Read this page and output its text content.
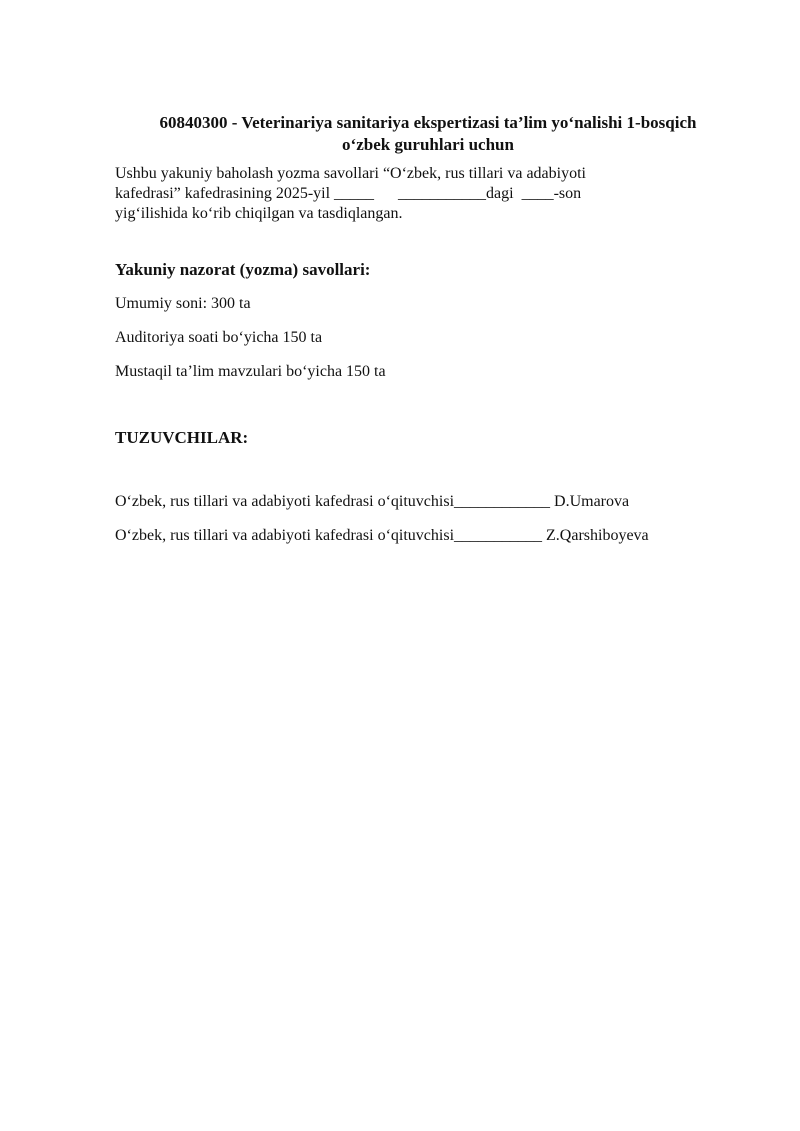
60840300 - Veterinariya sanitariya ekspertizasi ta’lim yo‘nalishi 1-bosqich
o‘zbek guruhlari uchun
Ushbu yakuniy baholash yozma savollari “O‘zbek, rus tillari va adabiyoti
kafedrasi” kafedrasining 2025-yil _____      ___________dagi  ____-son
yig‘ilishida ko‘rib chiqilgan va tasdiqlangan.
Yakuniy nazorat (yozma) savollari:
Umumiy soni: 300 ta
Auditoriya soati bo‘yicha 150 ta
Mustaqil ta’lim mavzulari bo‘yicha 150 ta
TUZUVCHILAR:
O‘zbek, rus tillari va adabiyoti kafedrasi o‘qituvchisi____________ D.Umarova
O‘zbek, rus tillari va adabiyoti kafedrasi o‘qituvchisi___________ Z.Qarshiboyeva
